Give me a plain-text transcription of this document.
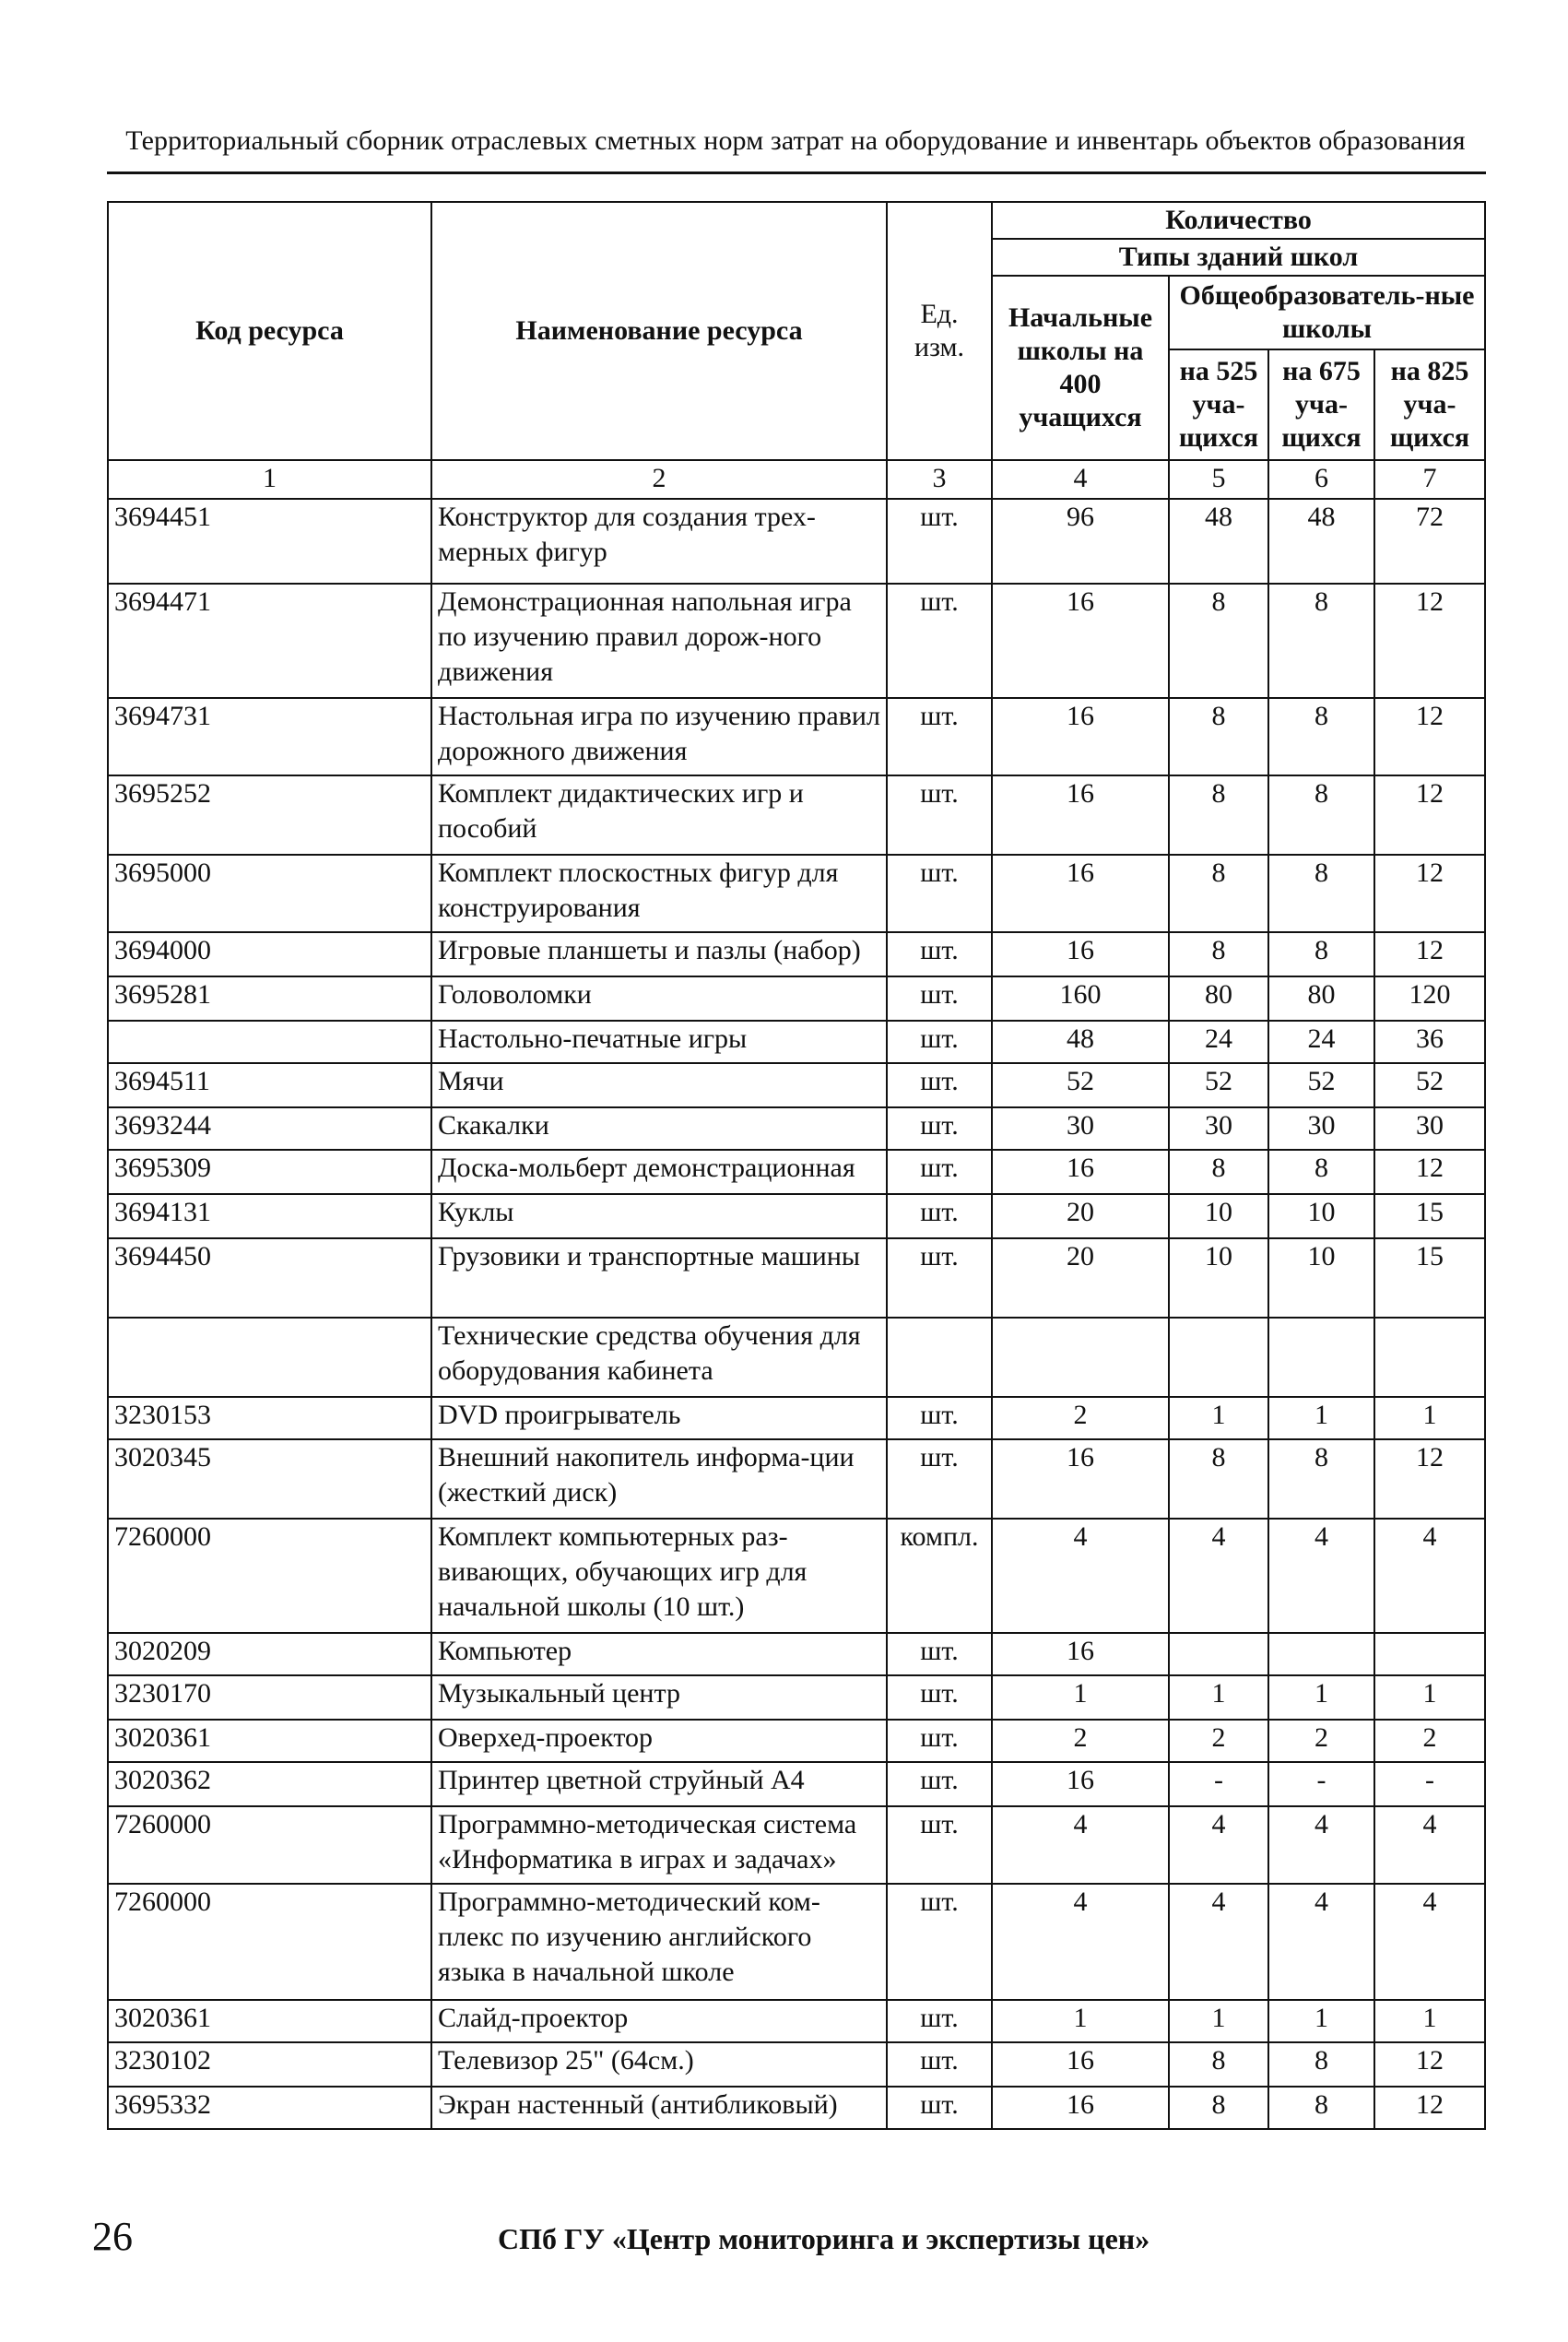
Территориальный сборник отраслевых сметных норм затрат на оборудование и инвентарь объектов образования
Код ресурса	Наименование ресурса	Ед. изм.	Количество			
			Типы зданий школ			
			Начальные школы на 400 учащихся	Общеобразователь-ные школы		
				на 525 уча-щихся	на 675 уча-щихся	на 825 уча-щихся
1	2	3	4	5	6	7
3694451	Конструктор для создания трех-мерных фигур	шт.	96	48	48	72
3694471	Демонстрационная напольная игра по изучению правил дорож-ного движения	шт.	16	8	8	12
3694731	Настольная игра по изучению правил дорожного движения	шт.	16	8	8	12
3695252	Комплект дидактических игр и пособий	шт.	16	8	8	12
3695000	Комплект плоскостных фигур для конструирования	шт.	16	8	8	12
3694000	Игровые планшеты и пазлы (набор)	шт.	16	8	8	12
3695281	Головоломки	шт.	160	80	80	120
	Настольно-печатные игры	шт.	48	24	24	36
3694511	Мячи	шт.	52	52	52	52
3693244	Скакалки	шт.	30	30	30	30
3695309	Доска-мольберт демонстрационная	шт.	16	8	8	12
3694131	Куклы	шт.	20	10	10	15
3694450	Грузовики и транспортные машины	шт.	20	10	10	15
	Технические средства обучения для оборудования кабинета					
3230153	DVD проигрыватель	шт.	2	1	1	1
3020345	Внешний накопитель информа-ции (жесткий диск)	шт.	16	8	8	12
7260000	Комплект компьютерных раз-вивающих, обучающих игр для начальной школы (10 шт.)	компл.	4	4	4	4
3020209	Компьютер	шт.	16			
3230170	Музыкальный центр	шт.	1	1	1	1
3020361	Оверхед-проектор	шт.	2	2	2	2
3020362	Принтер цветной струйный А4	шт.	16	-	-	-
7260000	Программно-методическая система «Информатика в играх и задачах»	шт.	4	4	4	4
7260000	Программно-методический ком-плекс по изучению английского языка в начальной школе	шт.	4	4	4	4
3020361	Слайд-проектор	шт.	1	1	1	1
3230102	Телевизор 25" (64см.)	шт.	16	8	8	12
3695332	Экран настенный (антибликовый)	шт.	16	8	8	12
26	СПб ГУ «Центр мониторинга и экспертизы цен»
